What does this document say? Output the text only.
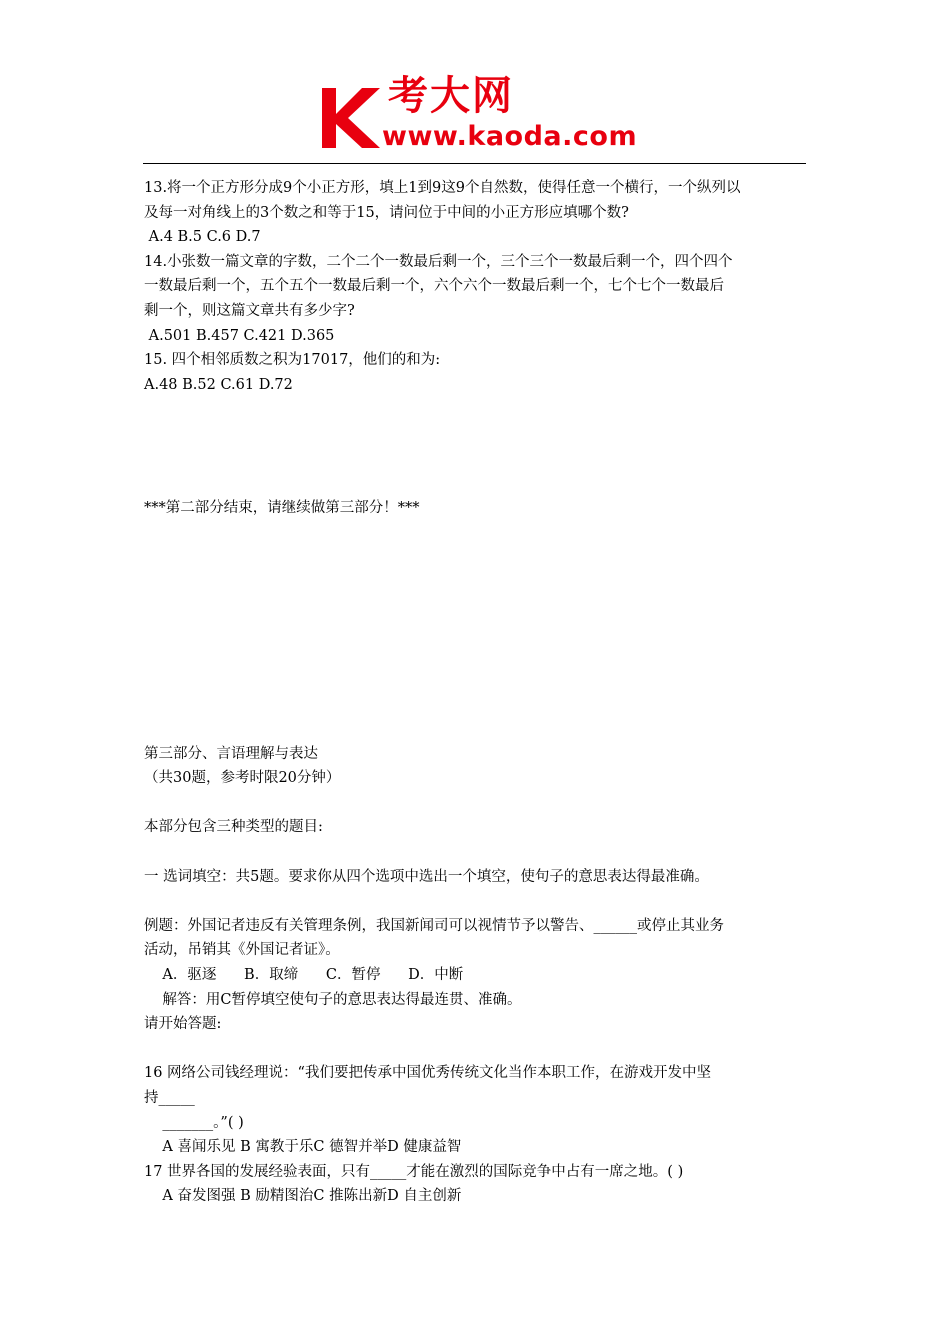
考大网
www.kaoda.com
13.将一个正方形分成9个小正方形，填上1到9这9个自然数，使得任意一个横行，一个纵列以
及每一对角线上的3个数之和等于15，请问位于中间的小正方形应填哪个数?
A.4 B.5 C.6 D.7
14.小张数一篇文章的字数，二个二个一数最后剩一个，三个三个一数最后剩一个，四个四个
一数最后剩一个，五个五个一数最后剩一个，六个六个一数最后剩一个，七个七个一数最后
剩一个，则这篇文章共有多少字?
A.501 B.457 C.421 D.365
15. 四个相邻质数之积为17017，他们的和为:
A.48 B.52 C.61 D.72
***第二部分结束，请继续做第三部分！***
第三部分、言语理解与表达
（共30题，参考时限20分钟）
本部分包含三种类型的题目:
一 选词填空：共5题。要求你从四个选项中选出一个填空，使句子的意思表达得最准确。
例题：外国记者违反有关管理条例，我国新闻司可以视情节予以警告、______或停止其业务
活动，吊销其《外国记者证》。
A．驱逐      B．取缔      C．暂停      D．中断
解答：用C暂停填空使句子的意思表达得最连贯、准确。
请开始答题:
16 网络公司钱经理说：“我们要把传承中国优秀传统文化当作本职工作，在游戏开发中坚
持_____
_______。”( )
A 喜闻乐见 B 寓教于乐C 德智并举D 健康益智
17 世界各国的发展经验表面，只有_____才能在激烈的国际竞争中占有一席之地。( )
A 奋发图强 B 励精图治C 推陈出新D 自主创新
